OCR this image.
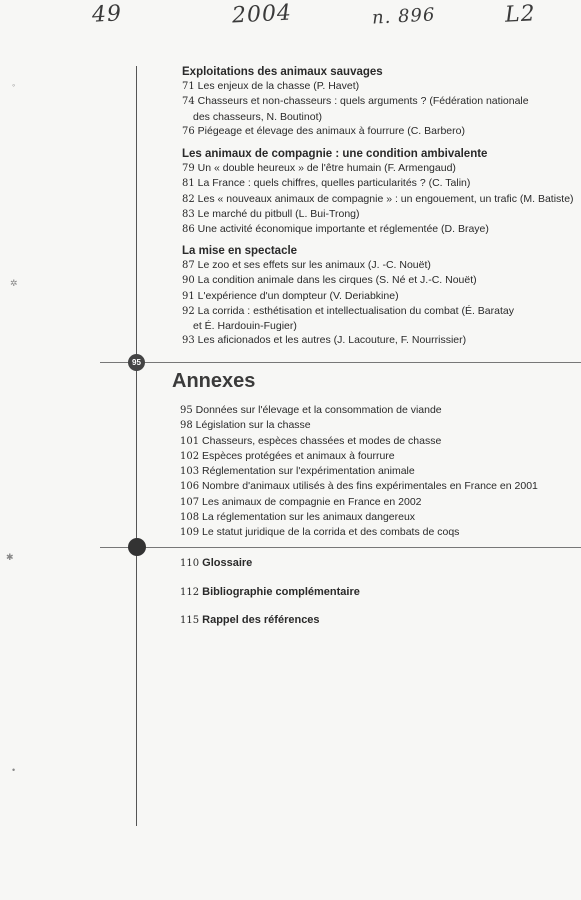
49	2004	n. 896	L2
95
◦
✲
✱
•
Exploitations des animaux sauvages
71 Les enjeux de la chasse (P. Havet)
74 Chasseurs et non-chasseurs : quels arguments ? (Fédération nationale
des chasseurs, N. Boutinot)
76 Piégeage et élevage des animaux à fourrure (C. Barbero)
Les animaux de compagnie : une condition ambivalente
79 Un « double heureux » de l'être humain (F. Armengaud)
81 La France : quels chiffres, quelles particularités ? (C. Talin)
82 Les « nouveaux animaux de compagnie » : un engouement, un trafic (M. Batiste)
83 Le marché du pitbull (L. Bui-Trong)
86 Une activité économique importante et réglementée (D. Braye)
La mise en spectacle
87 Le zoo et ses effets sur les animaux (J. -C. Nouët)
90 La condition animale dans les cirques (S. Né et J.-C. Nouët)
91 L'expérience d'un dompteur (V. Deriabkine)
92 La corrida : esthétisation et intellectualisation du combat (É. Baratay
et É. Hardouin-Fugier)
93 Les aficionados et les autres (J. Lacouture, F. Nourrissier)
Annexes
95 Données sur l'élevage et la consommation de viande
98 Législation sur la chasse
101 Chasseurs, espèces chassées et modes de chasse
102 Espèces protégées et animaux à fourrure
103 Réglementation sur l'expérimentation animale
106 Nombre d'animaux utilisés à des fins expérimentales en France en 2001
107 Les animaux de compagnie en France en 2002
108 La réglementation sur les animaux dangereux
109 Le statut juridique de la corrida et des combats de coqs
110 Glossaire
112 Bibliographie complémentaire
115 Rappel des références
